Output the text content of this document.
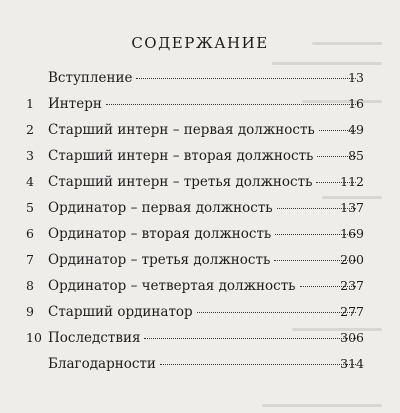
СОДЕРЖАНИЕ
Вступление	13
1	Интерн	16
2	Старший интерн – первая должность	49
3	Старший интерн – вторая должность	85
4	Старший интерн – третья должность 112
5	Ординатор – первая должность	137
6	Ординатор – вторая должность	169
7	Ординатор – третья должность	200
8	Ординатор – четвертая должность	237
9	Старший ординатор	277
10 Последствия	306
Благодарности	314
